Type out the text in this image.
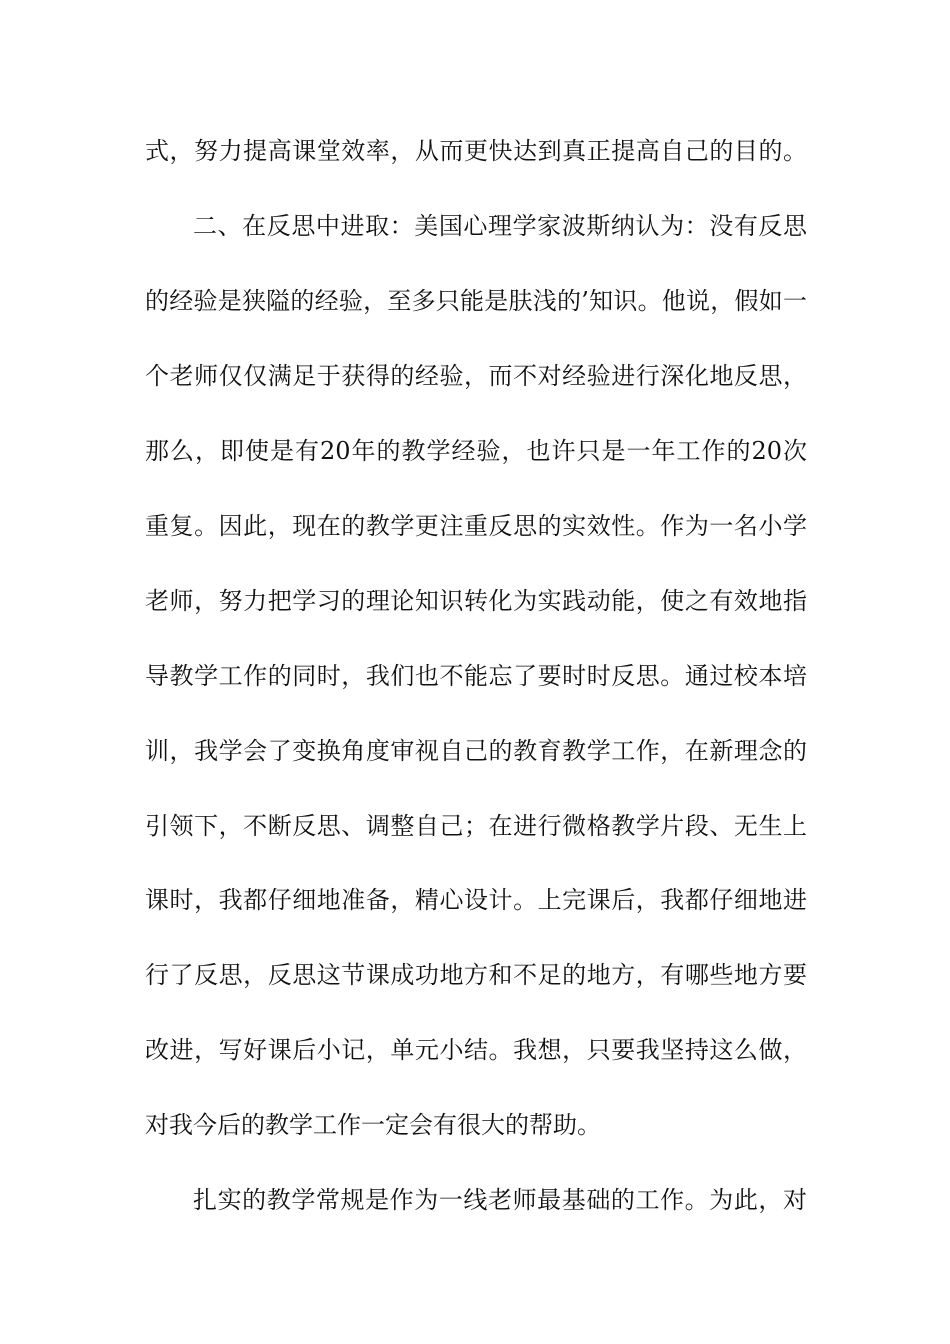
式，努力提高课堂效率，从而更快达到真正提高自己的目的。
二、在反思中进取：美国心理学家波斯纳认为：没有反思
的经验是狭隘的经验，至多只能是肤浅的’知识。他说，假如一
个老师仅仅满足于获得的经验，而不对经验进行深化地反思，
那么，即使是有20年的教学经验，也许只是一年工作的20次
重复。因此，现在的教学更注重反思的实效性。作为一名小学
老师，努力把学习的理论知识转化为实践动能，使之有效地指
导教学工作的同时，我们也不能忘了要时时反思。通过校本培
训，我学会了变换角度审视自己的教育教学工作，在新理念的
引领下，不断反思、调整自己；在进行微格教学片段、无生上
课时，我都仔细地准备，精心设计。上完课后，我都仔细地进
行了反思，反思这节课成功地方和不足的地方，有哪些地方要
改进，写好课后小记，单元小结。我想，只要我坚持这么做，
对我今后的教学工作一定会有很大的帮助。
扎实的教学常规是作为一线老师最基础的工作。为此，对
